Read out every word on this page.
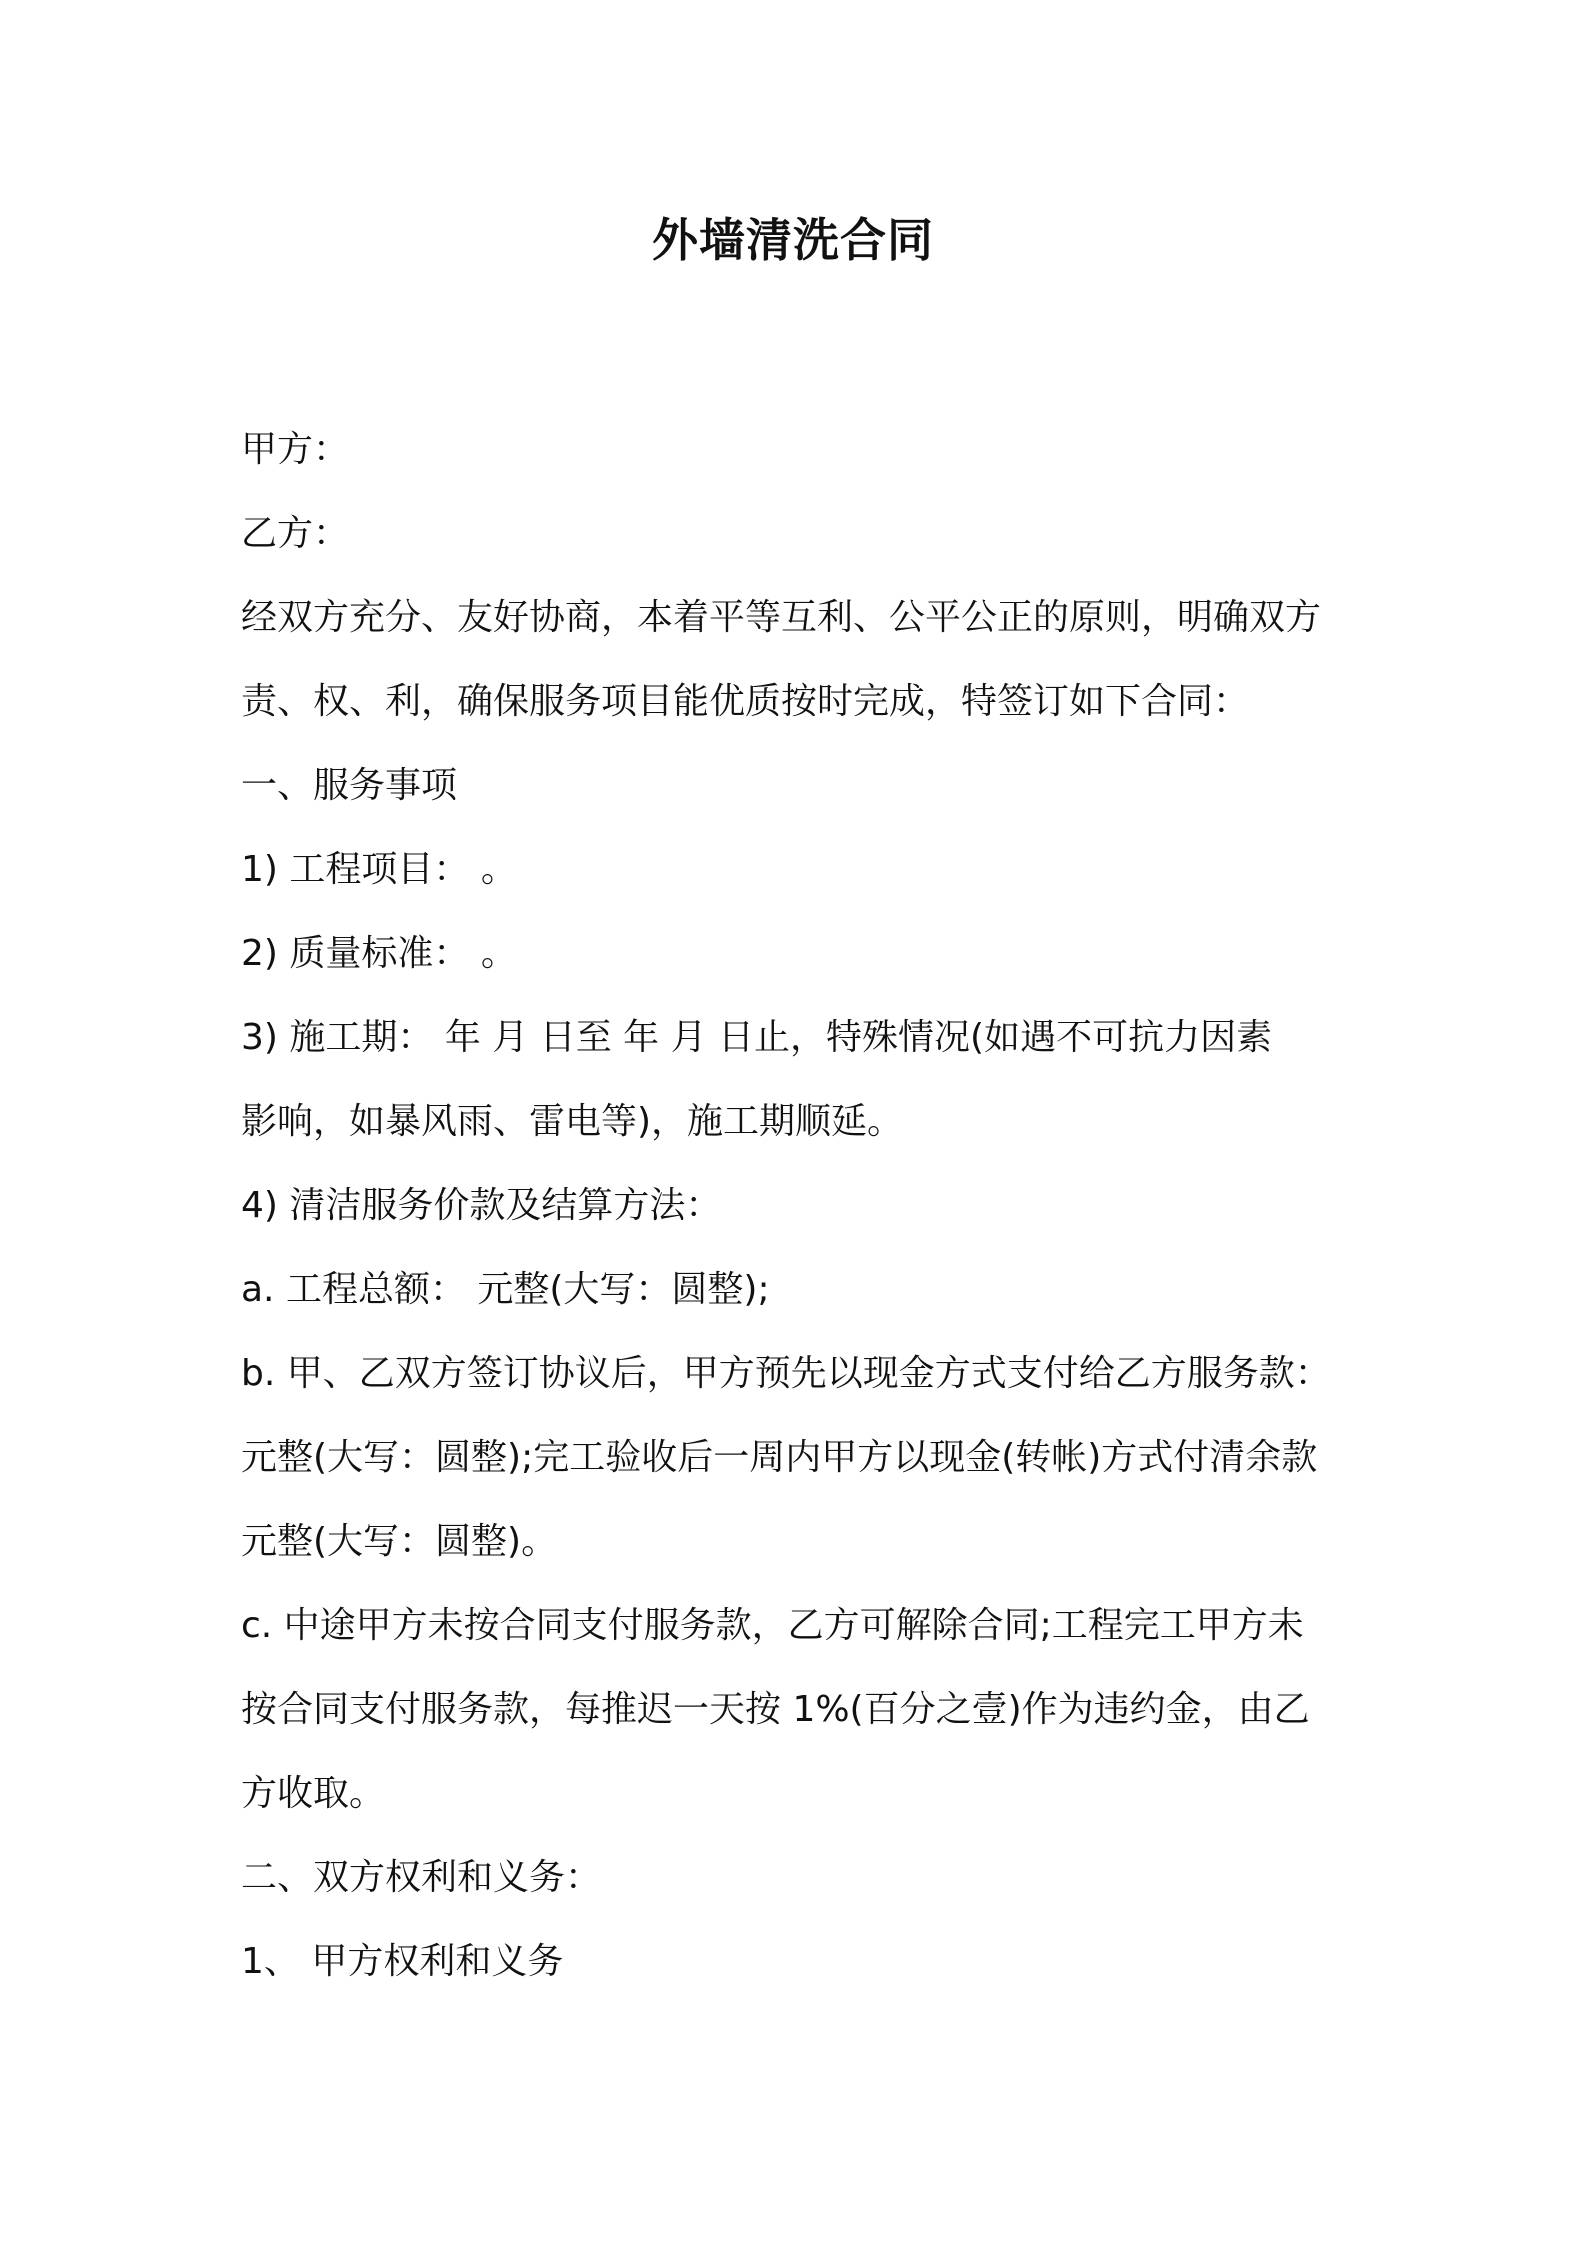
外墙清洗合同
甲方：
乙方：
经双方充分、友好协商，本着平等互利、公平公正的原则，明确双方
责、权、利，确保服务项目能优质按时完成，特签订如下合同：
一、服务事项
1) 工程项目： 。
2) 质量标准： 。
3) 施工期： 年 月 日至 年 月 日止，特殊情况(如遇不可抗力因素
影响，如暴风雨、雷电等)，施工期顺延。
4) 清洁服务价款及结算方法：
a. 工程总额： 元整(大写：圆整);
b. 甲、乙双方签订协议后，甲方预先以现金方式支付给乙方服务款：
元整(大写：圆整);完工验收后一周内甲方以现金(转帐)方式付清余款
元整(大写：圆整)。
c. 中途甲方未按合同支付服务款，乙方可解除合同;工程完工甲方未
按合同支付服务款，每推迟一天按 1%(百分之壹)作为违约金，由乙
方收取。
二、双方权利和义务：
1、 甲方权利和义务
